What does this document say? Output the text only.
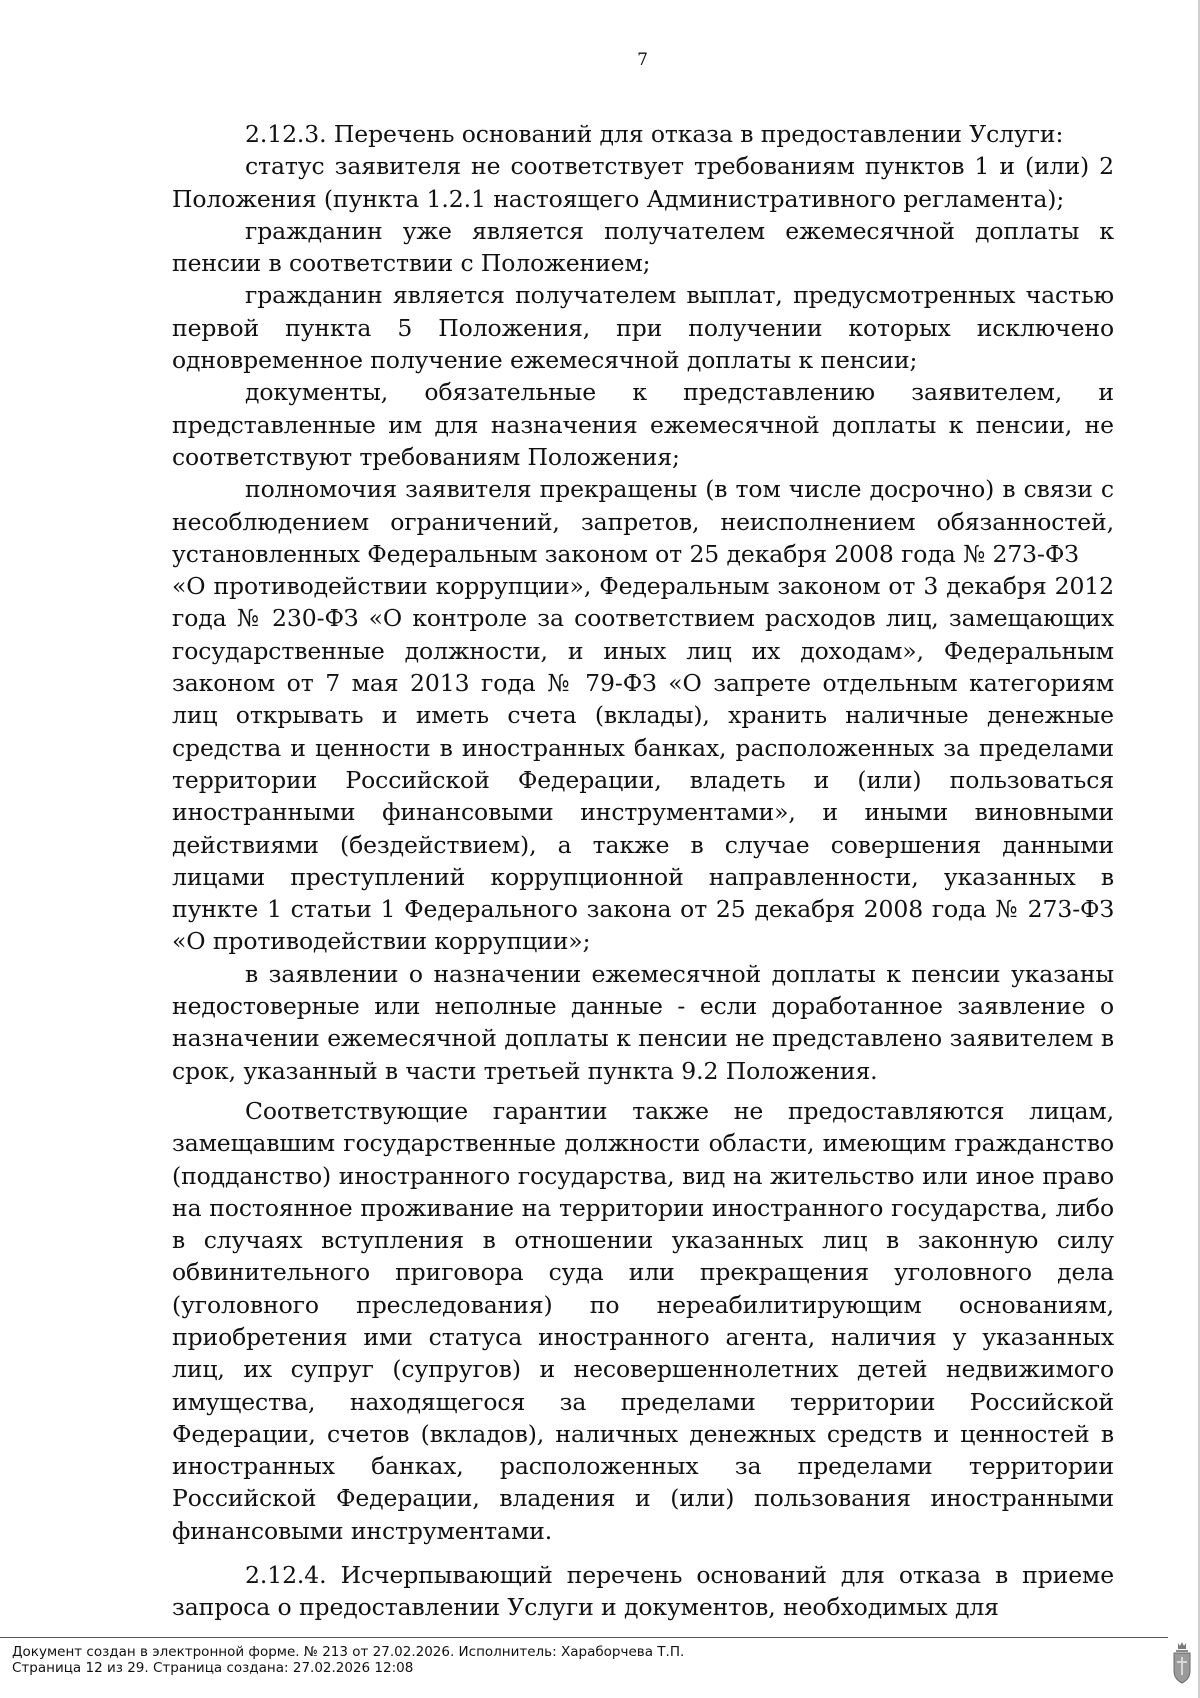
7

2.12.3. Перечень оснований для отказа в предоставлении Услуги:

статус заявителя не соответствует требованиям пунктов 1 и (или) 2 Положения (пункта 1.2.1 настоящего Административного регламента);

гражданин уже является получателем ежемесячной доплаты к пенсии в соответствии с Положением;

гражданин является получателем выплат, предусмотренных частью первой пункта 5 Положения, при получении которых исключено одновременное получение ежемесячной доплаты к пенсии;

документы, обязательные к представлению заявителем, и представленные им для назначения ежемесячной доплаты к пенсии, не соответствуют требованиям Положения;

полномочия заявителя прекращены (в том числе досрочно) в связи с несоблюдением ограничений, запретов, неисполнением обязанностей, установленных Федеральным законом от 25 декабря 2008 года № 273-ФЗ

«О противодействии коррупции», Федеральным законом от 3 декабря 2012 года № 230-ФЗ «О контроле за соответствием расходов лиц, замещающих государственные должности, и иных лиц их доходам», Федеральным законом от 7 мая 2013 года № 79-ФЗ «О запрете отдельным категориям лиц открывать и иметь счета (вклады), хранить наличные денежные средства и ценности в иностранных банках, расположенных за пределами территории Российской Федерации, владеть и (или) пользоваться иностранными финансовыми инструментами», и иными виновными действиями (бездействием), а также в случае совершения данными лицами преступлений коррупционной направленности, указанных в пункте 1 статьи 1 Федерального закона от 25 декабря 2008 года № 273-ФЗ «О противодействии коррупции»;

в заявлении о назначении ежемесячной доплаты к пенсии указаны недостоверные или неполные данные - если доработанное заявление о назначении ежемесячной доплаты к пенсии не представлено заявителем в срок, указанный в части третьей пункта 9.2 Положения.

Соответствующие гарантии также не предоставляются лицам, замещавшим государственные должности области, имеющим гражданство (подданство) иностранного государства, вид на жительство или иное право на постоянное проживание на территории иностранного государства, либо в случаях вступления в отношении указанных лиц в законную силу обвинительного приговора суда или прекращения уголовного дела (уголовного преследования) по нереабилитирующим основаниям, приобретения ими статуса иностранного агента, наличия у указанных лиц, их супруг (супругов) и несовершеннолетних детей недвижимого имущества, находящегося за пределами территории Российской Федерации, счетов (вкладов), наличных денежных средств и ценностей в иностранных банках, расположенных за пределами территории Российской Федерации, владения и (или) пользования иностранными финансовыми инструментами.

2.12.4. Исчерпывающий перечень оснований для отказа в приеме запроса о предоставлении Услуги и документов, необходимых для

Документ создан в электронной форме. № 213 от 27.02.2026. Исполнитель: Хараборчева Т.П.
Страница 12 из 29. Страница создана: 27.02.2026 12:08
